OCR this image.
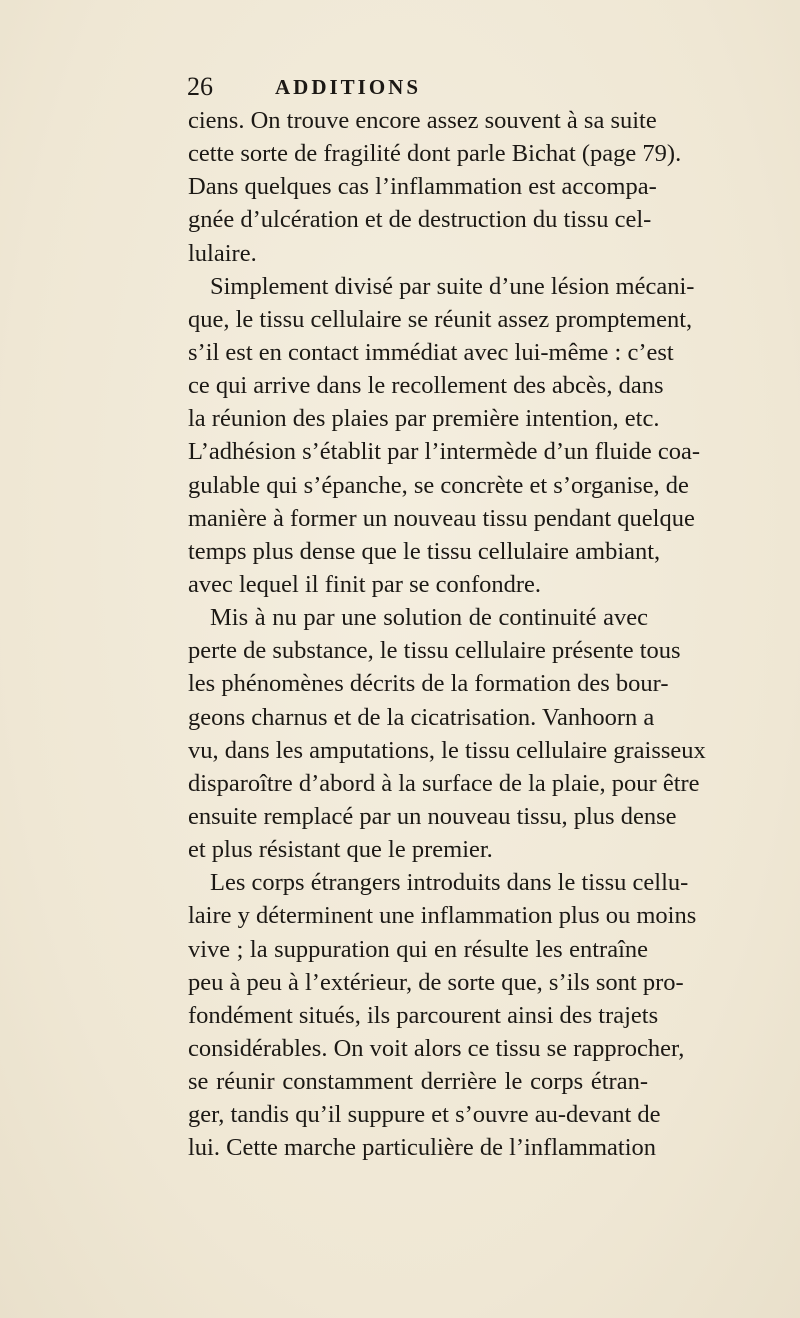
26	ADDITIONS
ciens. On trouve encore assez souvent à sa suite
cette sorte de fragilité dont parle Bichat (page 79).
Dans quelques cas l’inflammation est accompa-
gnée d’ulcération et de destruction du tissu cel-
lulaire.
Simplement divisé par suite d’une lésion mécani-
que, le tissu cellulaire se réunit assez promptement,
s’il est en contact immédiat avec lui-même : c’est
ce qui arrive dans le recollement des abcès, dans
la réunion des plaies par première intention, etc.
L’adhésion s’établit par l’intermède d’un fluide coa-
gulable qui s’épanche, se concrète et s’organise, de
manière à former un nouveau tissu pendant quelque
temps plus dense que le tissu cellulaire ambiant,
avec lequel il finit par se confondre.
Mis à nu par une solution de continuité avec
perte de substance, le tissu cellulaire présente tous
les phénomènes décrits de la formation des bour-
geons charnus et de la cicatrisation. Vanhoorn a
vu, dans les amputations, le tissu cellulaire graisseux
disparoître d’abord à la surface de la plaie, pour être
ensuite remplacé par un nouveau tissu, plus dense
et plus résistant que le premier.
Les corps étrangers introduits dans le tissu cellu-
laire y déterminent une inflammation plus ou moins
vive ; la suppuration qui en résulte les entraîne
peu à peu à l’extérieur, de sorte que, s’ils sont pro-
fondément situés, ils parcourent ainsi des trajets
considérables. On voit alors ce tissu se rapprocher,
se réunir constamment derrière le corps étran-
ger, tandis qu’il suppure et s’ouvre au-devant de
lui. Cette marche particulière de l’inflammation
